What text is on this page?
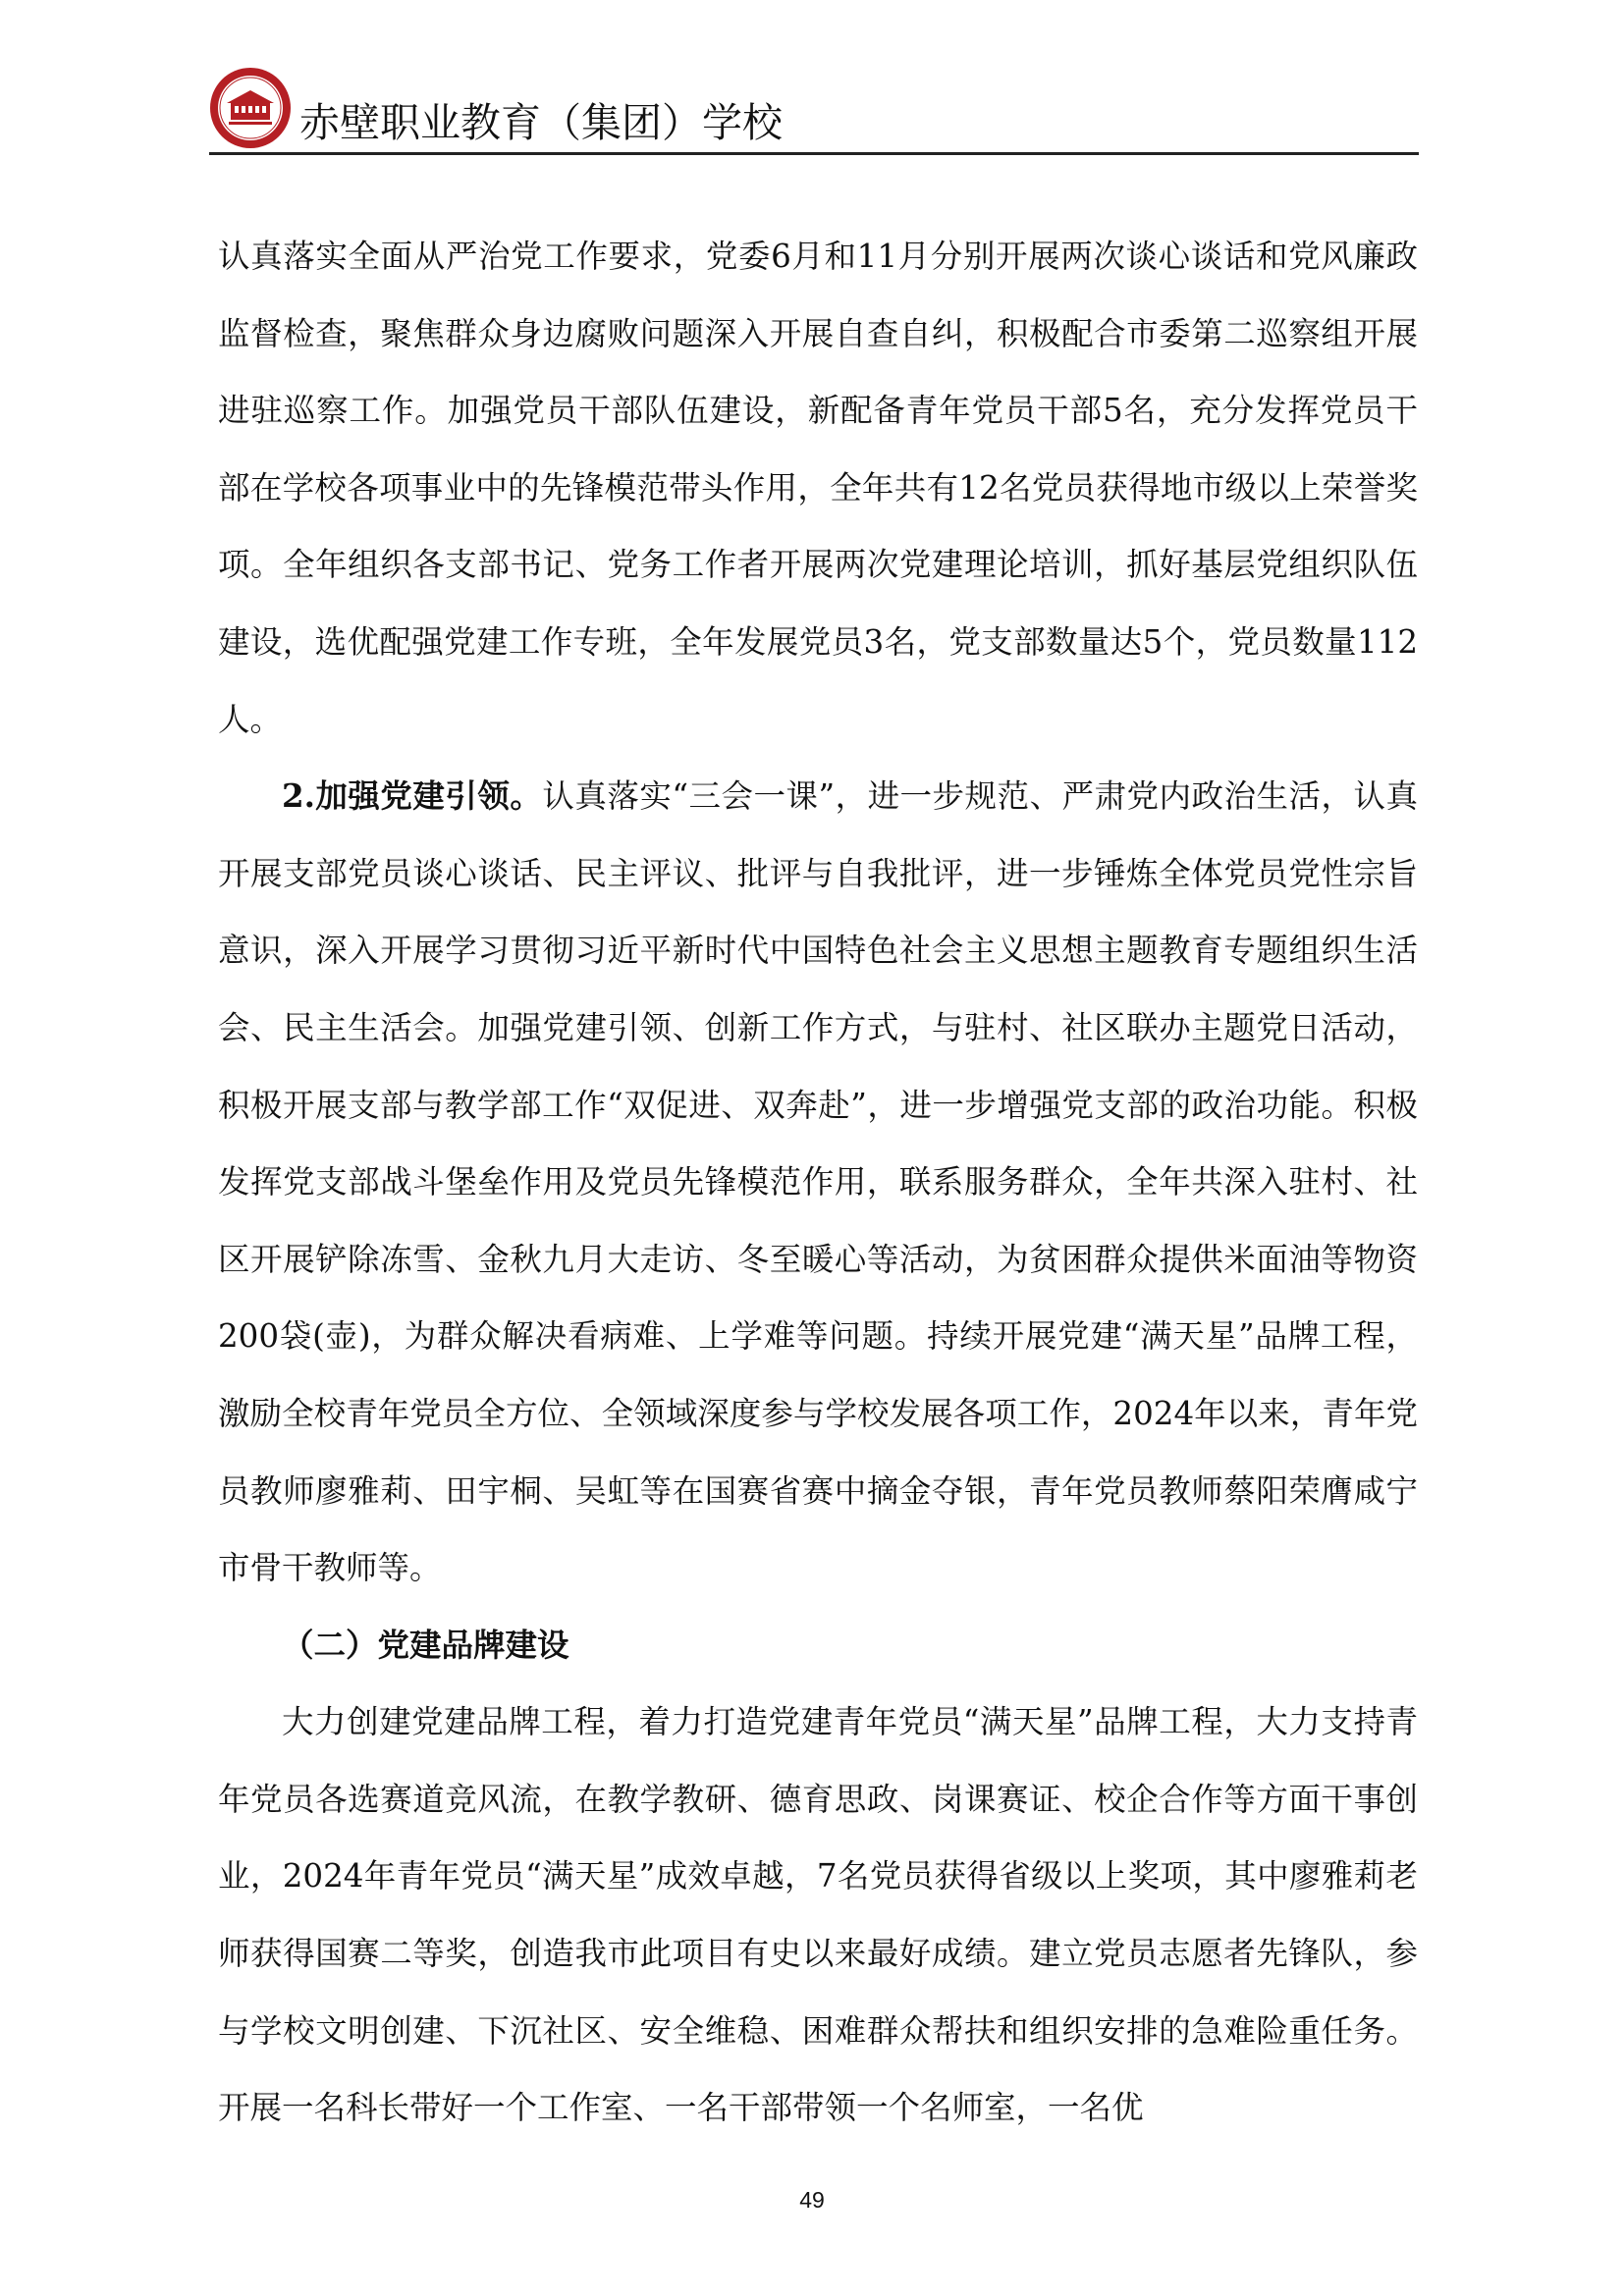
赤壁职业教育（集团）学校

认真落实全面从严治党工作要求，党委6月和11月分别开展两次谈心谈话和党风廉政监督检查，聚焦群众身边腐败问题深入开展自查自纠，积极配合市委第二巡察组开展进驻巡察工作。加强党员干部队伍建设，新配备青年党员干部5名，充分发挥党员干部在学校各项事业中的先锋模范带头作用，全年共有12名党员获得地市级以上荣誉奖项。全年组织各支部书记、党务工作者开展两次党建理论培训，抓好基层党组织队伍建设，选优配强党建工作专班，全年发展党员3名，党支部数量达5个，党员数量112人。

2.加强党建引领。认真落实“三会一课”，进一步规范、严肃党内政治生活，认真开展支部党员谈心谈话、民主评议、批评与自我批评，进一步锤炼全体党员党性宗旨意识，深入开展学习贯彻习近平新时代中国特色社会主义思想主题教育专题组织生活会、民主生活会。加强党建引领、创新工作方式，与驻村、社区联办主题党日活动，积极开展支部与教学部工作“双促进、双奔赴”，进一步增强党支部的政治功能。积极发挥党支部战斗堡垒作用及党员先锋模范作用，联系服务群众，全年共深入驻村、社区开展铲除冻雪、金秋九月大走访、冬至暖心等活动，为贫困群众提供米面油等物资200袋(壶)，为群众解决看病难、上学难等问题。持续开展党建“满天星”品牌工程，激励全校青年党员全方位、全领域深度参与学校发展各项工作，2024年以来，青年党员教师廖雅莉、田宇桐、吴虹等在国赛省赛中摘金夺银，青年党员教师蔡阳荣膺咸宁市骨干教师等。

（二）党建品牌建设

大力创建党建品牌工程，着力打造党建青年党员“满天星”品牌工程，大力支持青年党员各选赛道竞风流，在教学教研、德育思政、岗课赛证、校企合作等方面干事创业，2024年青年党员“满天星”成效卓越，7名党员获得省级以上奖项，其中廖雅莉老师获得国赛二等奖，创造我市此项目有史以来最好成绩。建立党员志愿者先锋队，参与学校文明创建、下沉社区、安全维稳、困难群众帮扶和组织安排的急难险重任务。开展一名科长带好一个工作室、一名干部带领一个名师室，一名优

49
